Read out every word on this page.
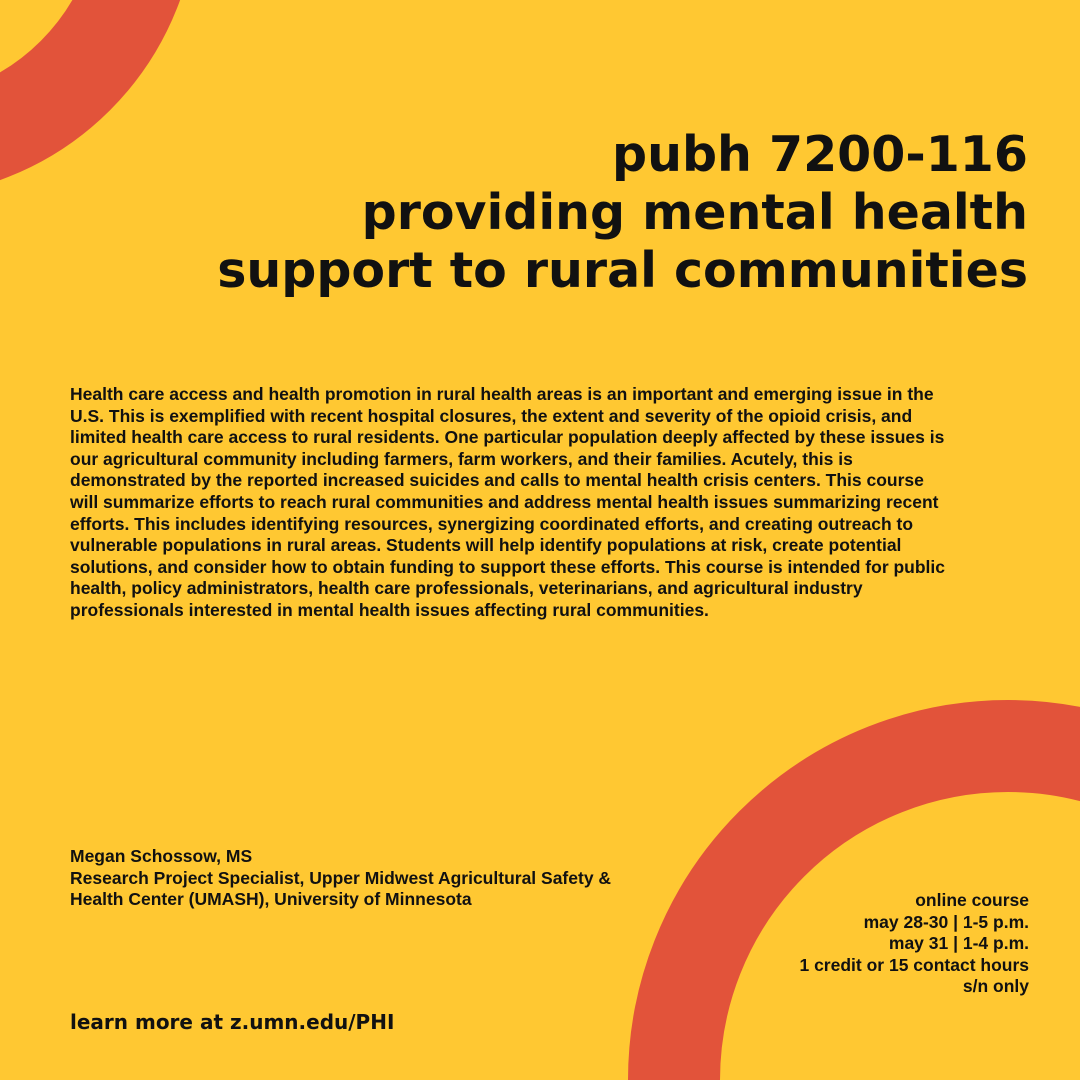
pubh 7200-116
providing mental health
support to rural communities

Health care access and health promotion in rural health areas is an important and emerging issue in the U.S. This is exemplified with recent hospital closures, the extent and severity of the opioid crisis, and limited health care access to rural residents. One particular population deeply affected by these issues is our agricultural community including farmers, farm workers, and their families. Acutely, this is demonstrated by the reported increased suicides and calls to mental health crisis centers. This course will summarize efforts to reach rural communities and address mental health issues summarizing recent efforts. This includes identifying resources, synergizing coordinated efforts, and creating outreach to vulnerable populations in rural areas. Students will help identify populations at risk, create potential solutions, and consider how to obtain funding to support these efforts. This course is intended for public health, policy administrators, health care professionals, veterinarians, and agricultural industry professionals interested in mental health issues affecting rural communities.

Megan Schossow, MS
Research Project Specialist, Upper Midwest Agricultural Safety & Health Center (UMASH), University of Minnesota	online course
may 28-30 | 1-5 p.m.
may 31 | 1-4 p.m.
1 credit or 15 contact hours
s/n only
learn more at z.umn.edu/PHI
